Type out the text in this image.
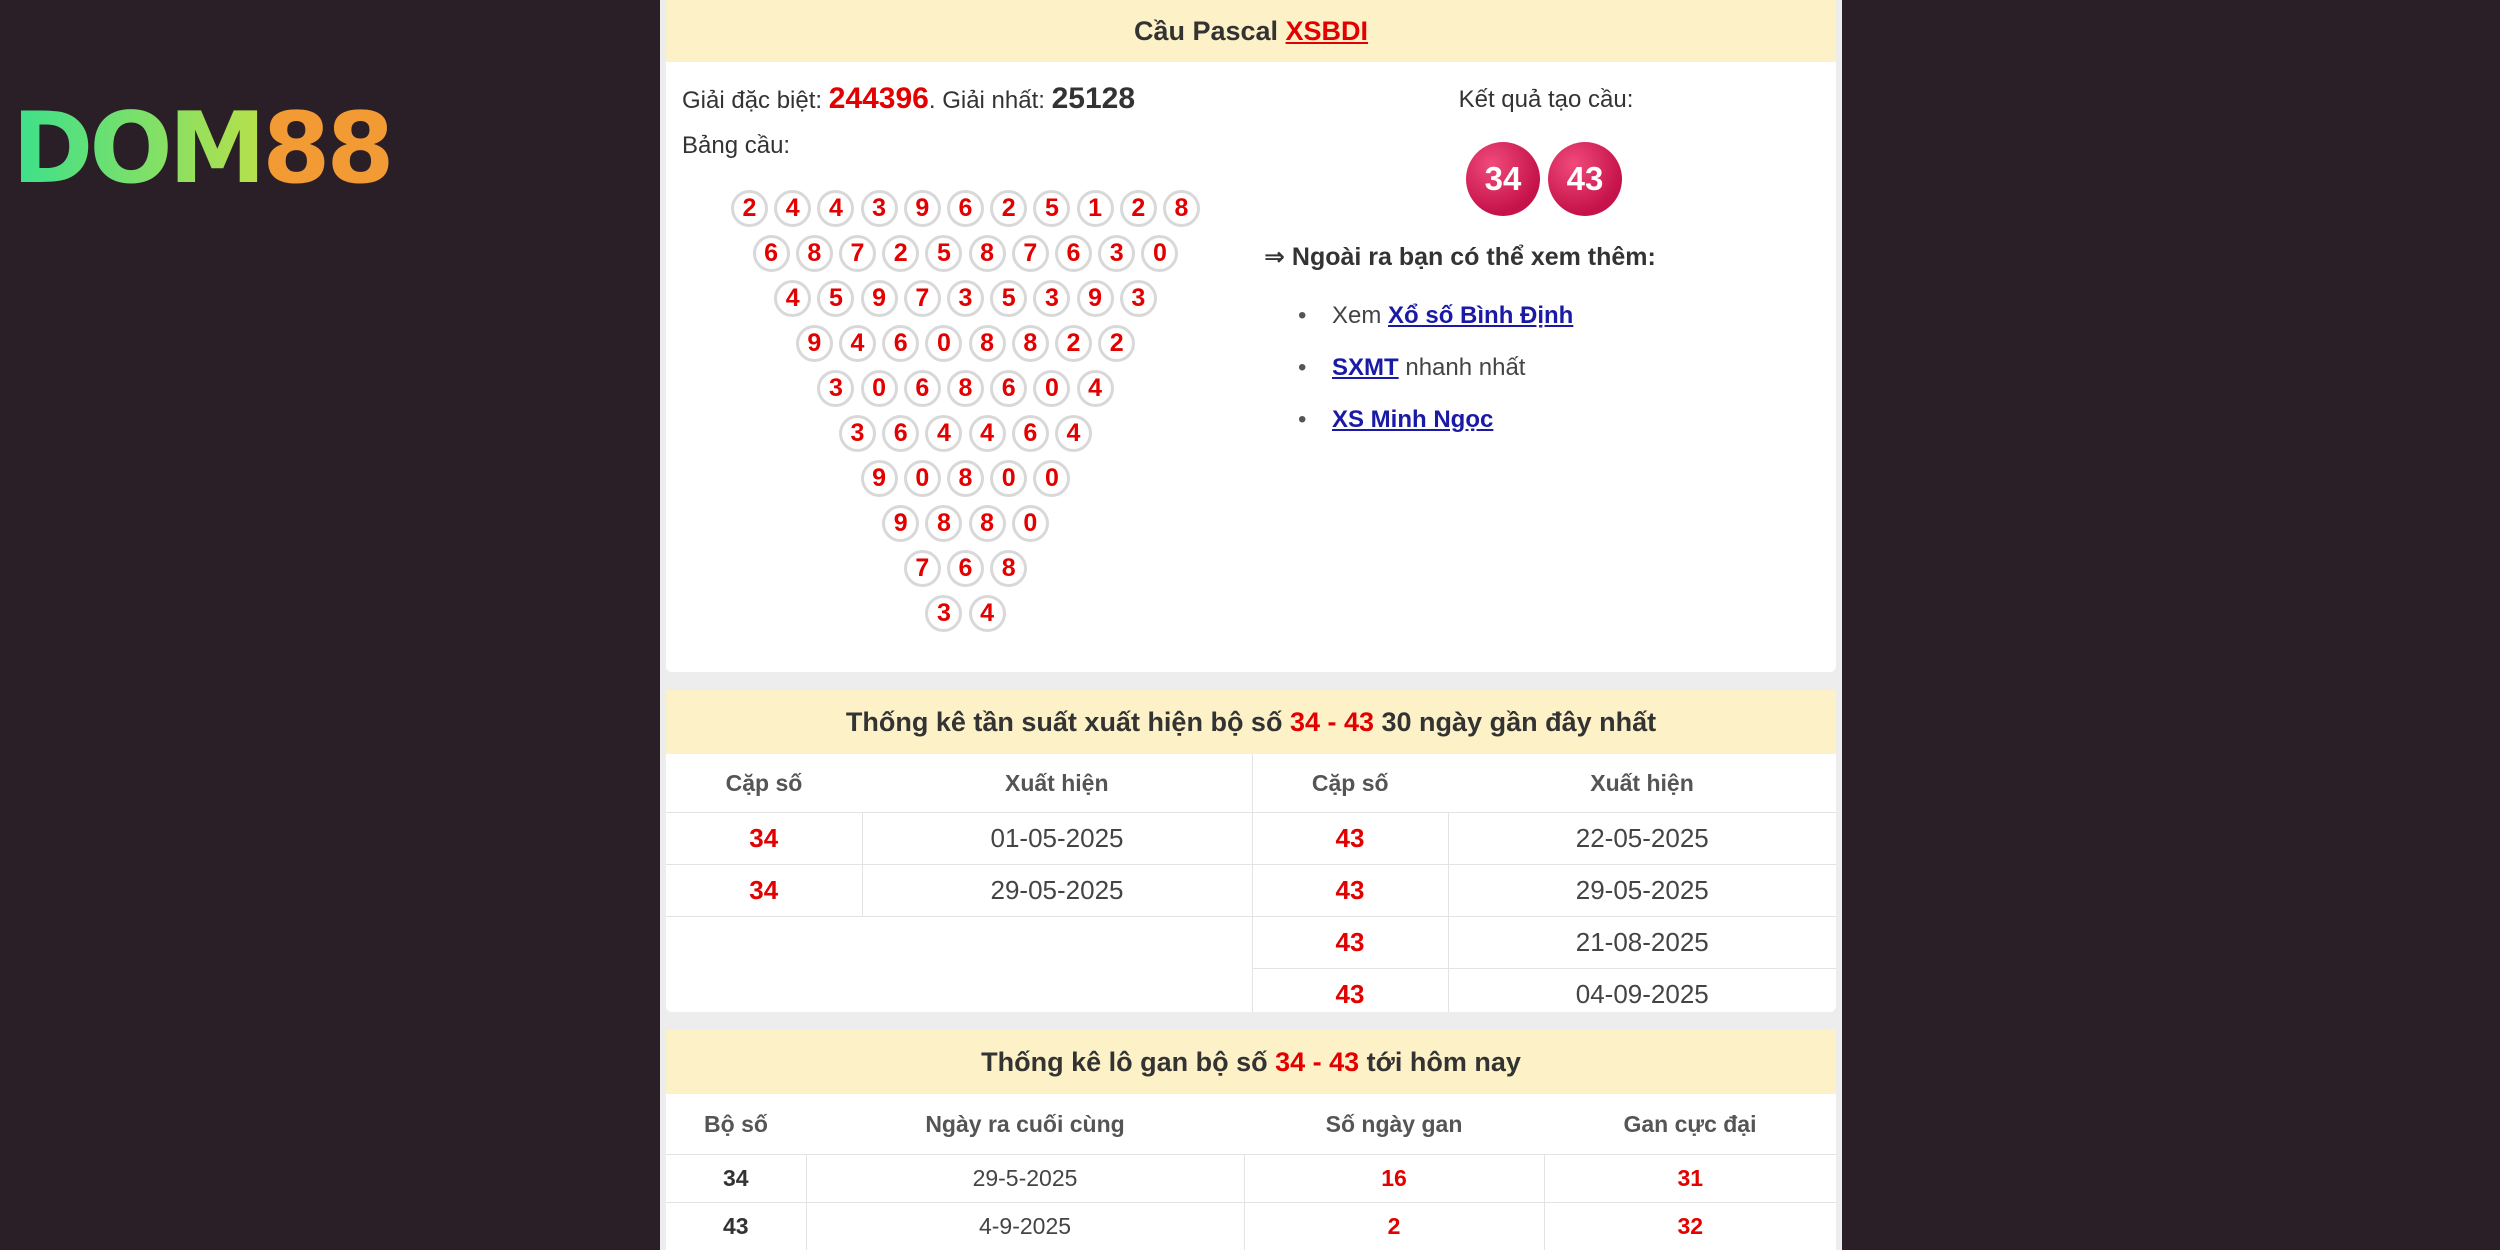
DOM88
Cầu Pascal XSBDI
Giải đặc biệt: 244396. Giải nhất: 25128
Bảng cầu:
2	4	4	3	9	6	2	5	1	2	8
6	8	7	2	5	8	7	6	3	0
4	5	9	7	3	5	3	9	3
9	4	6	0	8	8	2	2
3	0	6	8	6	0	4
3	6	4	4	6	4
9	0	8	0	0
9	8	8	0
7	6	8
3	4
Kết quả tạo cầu:
34	43
⇒ Ngoài ra bạn có thể xem thêm:
• Xem Xổ số Bình Định
• SXMT nhanh nhất
• XS Minh Ngọc
Thống kê tần suất xuất hiện bộ số 34 - 43 30 ngày gần đây nhất
Cặp số	Xuất hiện	Cặp số	Xuất hiện
34	01-05-2025	43	22-05-2025
34	29-05-2025	43	29-05-2025
		43	21-08-2025
		43	04-09-2025
Thống kê lô gan bộ số 34 - 43 tới hôm nay
Bộ số	Ngày ra cuối cùng	Số ngày gan	Gan cực đại
34	29-5-2025	16	31
43	4-9-2025	2	32
